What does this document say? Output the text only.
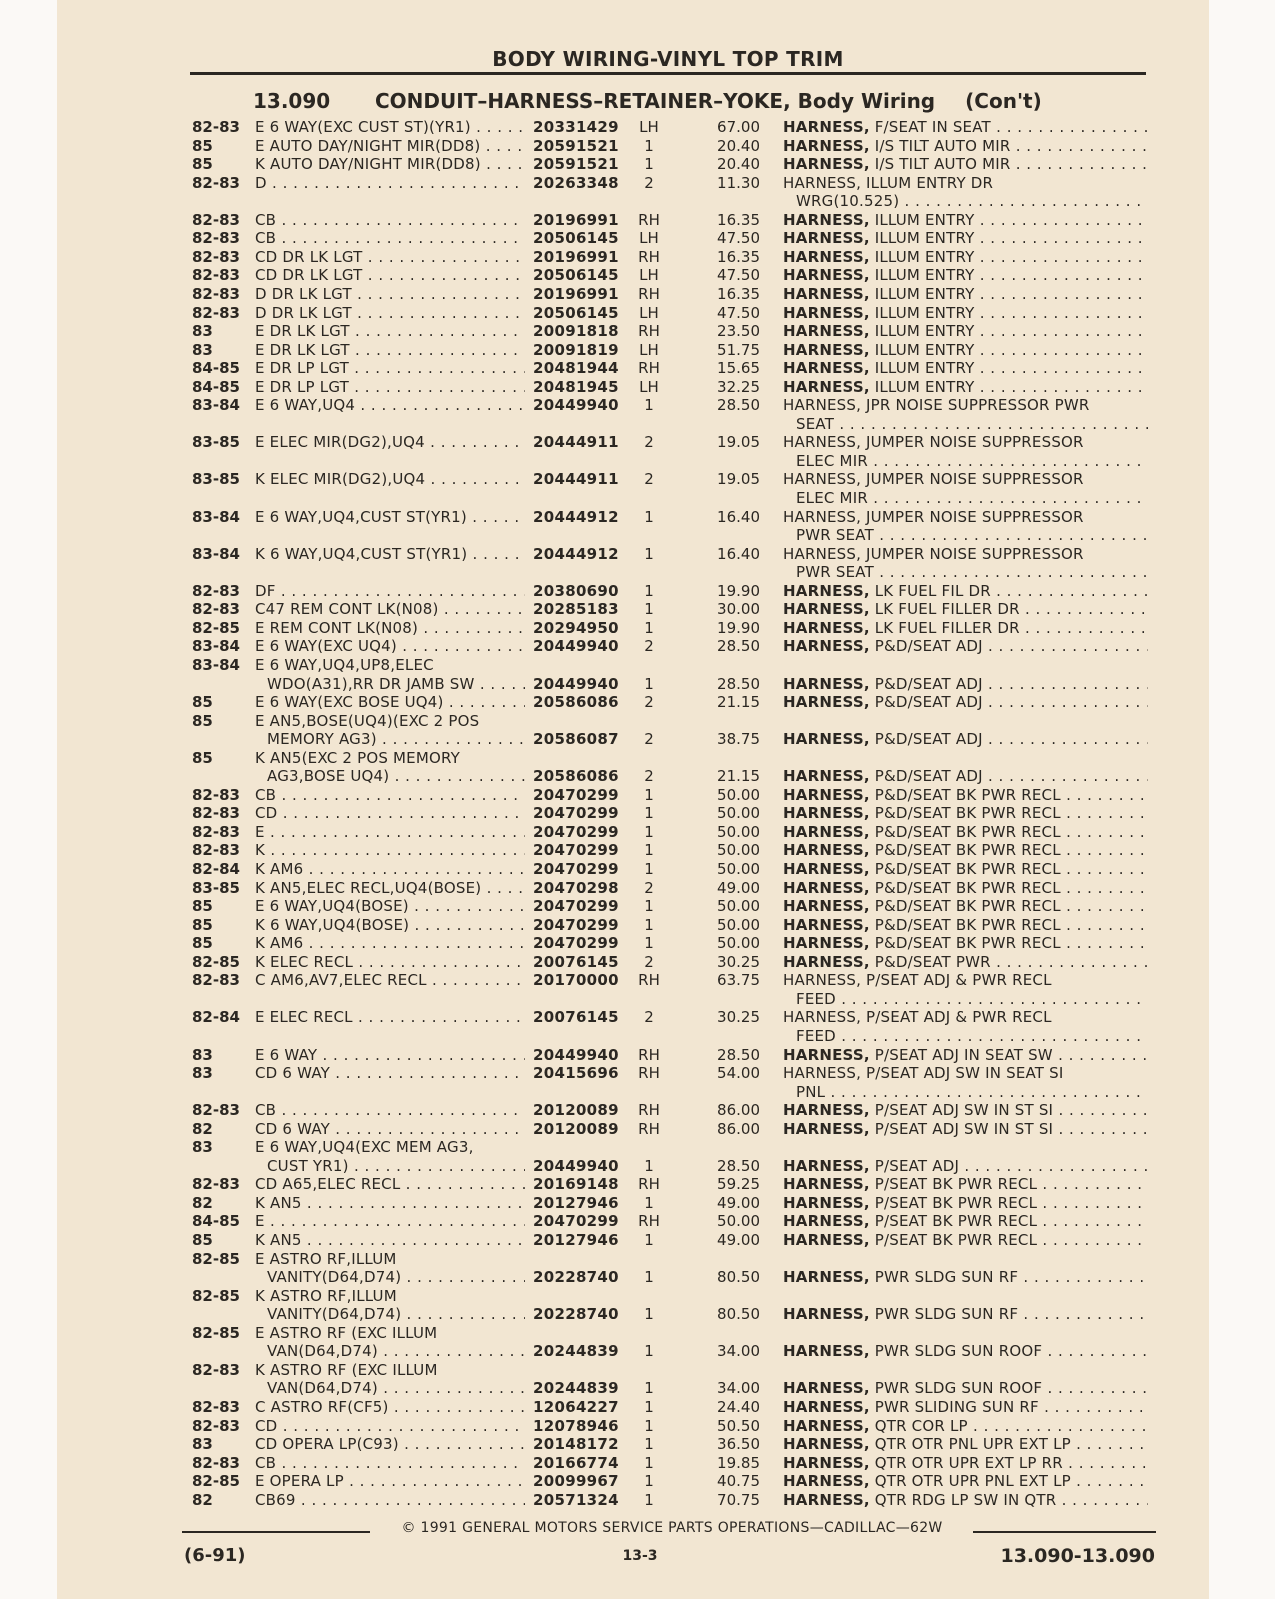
BODY WIRING-VINYL TOP TRIM
13.090 CONDUIT–HARNESS–RETAINER–YOKE, Body Wiring (Con't)
82-83	E 6 WAY(EXC CUST ST)(YR1) . . .	20331429	LH	67.00 HARNESS, F/SEAT IN SEAT . . .
85	E AUTO DAY/NIGHT MIR(DD8) . . .	20591521	1	20.40 HARNESS, I/S TILT AUTO MIR . . .
85	K AUTO DAY/NIGHT MIR(DD8) . . .	20591521	1	20.40 HARNESS, I/S TILT AUTO MIR . . .
82-83	D . . .	20263348	2	11.30 HARNESS, ILLUM ENTRY DR
WRG(10.525) . . .
82-83	CB . . .	20196991	RH	16.35 HARNESS, ILLUM ENTRY . . .
82-83	CB . . .	20506145	LH	47.50 HARNESS, ILLUM ENTRY . . .
82-83	CD DR LK LGT . . .	20196991	RH	16.35 HARNESS, ILLUM ENTRY . . .
82-83	CD DR LK LGT . . .	20506145	LH	47.50 HARNESS, ILLUM ENTRY . . .
82-83	D DR LK LGT . . .	20196991	RH	16.35 HARNESS, ILLUM ENTRY . . .
82-83	D DR LK LGT . . .	20506145	LH	47.50 HARNESS, ILLUM ENTRY . . .
83	E DR LK LGT . . .	20091818	RH	23.50 HARNESS, ILLUM ENTRY . . .
83	E DR LK LGT . . .	20091819	LH	51.75 HARNESS, ILLUM ENTRY . . .
84-85	E DR LP LGT . . .	20481944	RH	15.65 HARNESS, ILLUM ENTRY . . .
84-85	E DR LP LGT . . .	20481945	LH	32.25 HARNESS, ILLUM ENTRY . . .
83-84	E 6 WAY,UQ4 . . .	20449940	1	28.50 HARNESS, JPR NOISE SUPPRESSOR PWR
SEAT . . .
83-85	E ELEC MIR(DG2),UQ4 . . .	20444911	2	19.05 HARNESS, JUMPER NOISE SUPPRESSOR
ELEC MIR . . .
83-85	K ELEC MIR(DG2),UQ4 . . .	20444911	2	19.05 HARNESS, JUMPER NOISE SUPPRESSOR
ELEC MIR . . .
83-84	E 6 WAY,UQ4,CUST ST(YR1) . . .	20444912	1	16.40 HARNESS, JUMPER NOISE SUPPRESSOR
PWR SEAT . . .
83-84	K 6 WAY,UQ4,CUST ST(YR1) . . .	20444912	1	16.40 HARNESS, JUMPER NOISE SUPPRESSOR
PWR SEAT . . .
82-83	DF . . .	20380690	1	19.90 HARNESS, LK FUEL FIL DR . . .
82-83	C47 REM CONT LK(N08) . . .	20285183	1	30.00 HARNESS, LK FUEL FILLER DR . . .
82-85	E REM CONT LK(N08) . . .	20294950	1	19.90 HARNESS, LK FUEL FILLER DR . . .
83-84	E 6 WAY(EXC UQ4) . . .	20449940	2	28.50 HARNESS, P&D/SEAT ADJ . . .
83-84	E 6 WAY,UQ4,UP8,ELEC
WDO(A31),RR DR JAMB SW . . .	20449940	1	28.50 HARNESS, P&D/SEAT ADJ . . .
85	E 6 WAY(EXC BOSE UQ4) . . .	20586086	2	21.15 HARNESS, P&D/SEAT ADJ . . .
85	E AN5,BOSE(UQ4)(EXC 2 POS
MEMORY AG3) . . .	20586087	2	38.75 HARNESS, P&D/SEAT ADJ . . .
85	K AN5(EXC 2 POS MEMORY
AG3,BOSE UQ4) . . .	20586086	2	21.15 HARNESS, P&D/SEAT ADJ . . .
82-83	CB . . .	20470299	1	50.00 HARNESS, P&D/SEAT BK PWR RECL . . .
82-83	CD . . .	20470299	1	50.00 HARNESS, P&D/SEAT BK PWR RECL . . .
82-83	E . . .	20470299	1	50.00 HARNESS, P&D/SEAT BK PWR RECL . . .
82-83	K . . .	20470299	1	50.00 HARNESS, P&D/SEAT BK PWR RECL . . .
82-84	K AM6 . . .	20470299	1	50.00 HARNESS, P&D/SEAT BK PWR RECL . . .
83-85	K AN5,ELEC RECL,UQ4(BOSE) . . .	20470298	2	49.00 HARNESS, P&D/SEAT BK PWR RECL . . .
85	E 6 WAY,UQ4(BOSE) . . .	20470299	1	50.00 HARNESS, P&D/SEAT BK PWR RECL . . .
85	K 6 WAY,UQ4(BOSE) . . .	20470299	1	50.00 HARNESS, P&D/SEAT BK PWR RECL . . .
85	K AM6 . . .	20470299	1	50.00 HARNESS, P&D/SEAT BK PWR RECL . . .
82-85	K ELEC RECL . . .	20076145	2	30.25 HARNESS, P&D/SEAT PWR . . .
82-83	C AM6,AV7,ELEC RECL . . .	20170000	RH	63.75 HARNESS, P/SEAT ADJ & PWR RECL
FEED . . .
82-84	E ELEC RECL . . .	20076145	2	30.25 HARNESS, P/SEAT ADJ & PWR RECL
FEED . . .
83	E 6 WAY . . .	20449940	RH	28.50 HARNESS, P/SEAT ADJ IN SEAT SW . . .
83	CD 6 WAY . . .	20415696	RH	54.00 HARNESS, P/SEAT ADJ SW IN SEAT SI
PNL . . .
82-83	CB . . .	20120089	RH	86.00 HARNESS, P/SEAT ADJ SW IN ST SI . . .
82	CD 6 WAY . . .	20120089	RH	86.00 HARNESS, P/SEAT ADJ SW IN ST SI . . .
83	E 6 WAY,UQ4(EXC MEM AG3,
CUST YR1) . . .	20449940	1	28.50 HARNESS, P/SEAT ADJ . . .
82-83	CD A65,ELEC RECL . . .	20169148	RH	59.25 HARNESS, P/SEAT BK PWR RECL . . .
82	K AN5 . . .	20127946	1	49.00 HARNESS, P/SEAT BK PWR RECL . . .
84-85	E . . .	20470299	RH	50.00 HARNESS, P/SEAT BK PWR RECL . . .
85	K AN5 . . .	20127946	1	49.00 HARNESS, P/SEAT BK PWR RECL . . .
82-85	E ASTRO RF,ILLUM
VANITY(D64,D74) . . .	20228740	1	80.50 HARNESS, PWR SLDG SUN RF . . .
82-85	K ASTRO RF,ILLUM
VANITY(D64,D74) . . .	20228740	1	80.50 HARNESS, PWR SLDG SUN RF . . .
82-85	E ASTRO RF (EXC ILLUM
VAN(D64,D74) . . .	20244839	1	34.00 HARNESS, PWR SLDG SUN ROOF . . .
82-83	K ASTRO RF (EXC ILLUM
VAN(D64,D74) . . .	20244839	1	34.00 HARNESS, PWR SLDG SUN ROOF . . .
82-83	C ASTRO RF(CF5) . . .	12064227	1	24.40 HARNESS, PWR SLIDING SUN RF . . .
82-83	CD . . .	12078946	1	50.50 HARNESS, QTR COR LP . . .
83	CD OPERA LP(C93) . . .	20148172	1	36.50 HARNESS, QTR OTR PNL UPR EXT LP . . .
82-83	CB . . .	20166774	1	19.85 HARNESS, QTR OTR UPR EXT LP RR . . .
82-85	E OPERA LP . . .	20099967	1	40.75 HARNESS, QTR OTR UPR PNL EXT LP . . .
82	CB69 . . .	20571324	1	70.75 HARNESS, QTR RDG LP SW IN QTR . . .
© 1991 GENERAL MOTORS SERVICE PARTS OPERATIONS—CADILLAC—62W
(6-91)	13-3	13.090-13.090
